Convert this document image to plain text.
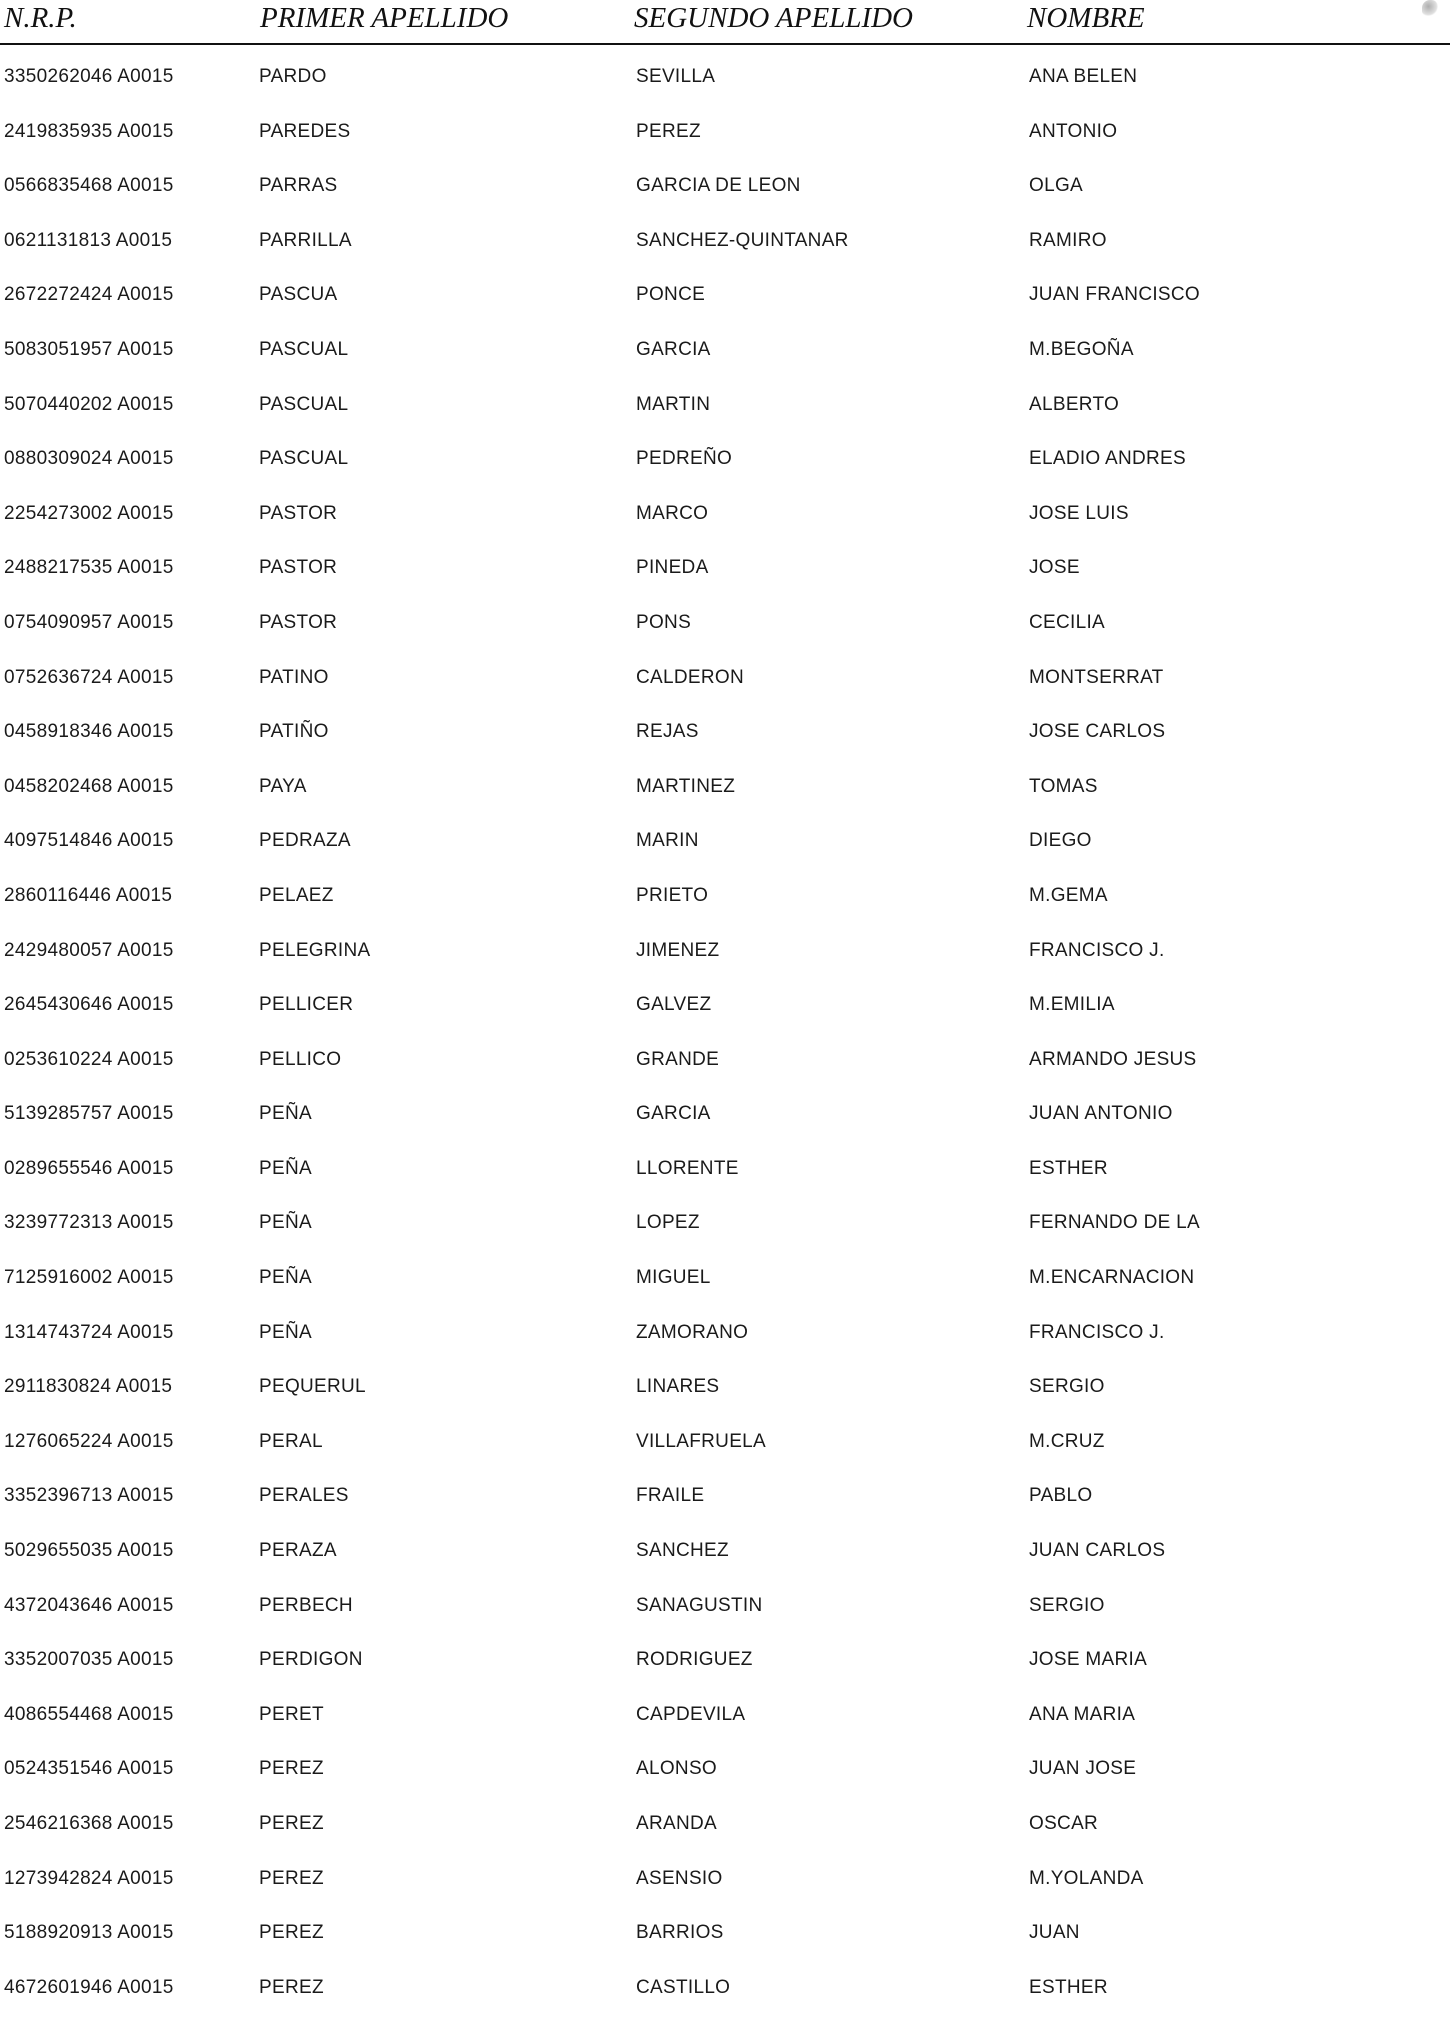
N.R.P.	PRIMER APELLIDO	SEGUNDO APELLIDO	NOMBRE
3350262046 A0015	PARDO	SEVILLA	ANA BELEN
2419835935 A0015	PAREDES	PEREZ	ANTONIO
0566835468 A0015	PARRAS	GARCIA DE LEON	OLGA
0621131813 A0015	PARRILLA	SANCHEZ-QUINTANAR	RAMIRO
2672272424 A0015	PASCUA	PONCE	JUAN FRANCISCO
5083051957 A0015	PASCUAL	GARCIA	M.BEGOÑA
5070440202 A0015	PASCUAL	MARTIN	ALBERTO
0880309024 A0015	PASCUAL	PEDREÑO	ELADIO ANDRES
2254273002 A0015	PASTOR	MARCO	JOSE LUIS
2488217535 A0015	PASTOR	PINEDA	JOSE
0754090957 A0015	PASTOR	PONS	CECILIA
0752636724 A0015	PATINO	CALDERON	MONTSERRAT
0458918346 A0015	PATIÑO	REJAS	JOSE CARLOS
0458202468 A0015	PAYA	MARTINEZ	TOMAS
4097514846 A0015	PEDRAZA	MARIN	DIEGO
2860116446 A0015	PELAEZ	PRIETO	M.GEMA
2429480057 A0015	PELEGRINA	JIMENEZ	FRANCISCO J.
2645430646 A0015	PELLICER	GALVEZ	M.EMILIA
0253610224 A0015	PELLICO	GRANDE	ARMANDO JESUS
5139285757 A0015	PEÑA	GARCIA	JUAN ANTONIO
0289655546 A0015	PEÑA	LLORENTE	ESTHER
3239772313 A0015	PEÑA	LOPEZ	FERNANDO DE LA
7125916002 A0015	PEÑA	MIGUEL	M.ENCARNACION
1314743724 A0015	PEÑA	ZAMORANO	FRANCISCO J.
2911830824 A0015	PEQUERUL	LINARES	SERGIO
1276065224 A0015	PERAL	VILLAFRUELA	M.CRUZ
3352396713 A0015	PERALES	FRAILE	PABLO
5029655035 A0015	PERAZA	SANCHEZ	JUAN CARLOS
4372043646 A0015	PERBECH	SANAGUSTIN	SERGIO
3352007035 A0015	PERDIGON	RODRIGUEZ	JOSE MARIA
4086554468 A0015	PERET	CAPDEVILA	ANA MARIA
0524351546 A0015	PEREZ	ALONSO	JUAN JOSE
2546216368 A0015	PEREZ	ARANDA	OSCAR
1273942824 A0015	PEREZ	ASENSIO	M.YOLANDA
5188920913 A0015	PEREZ	BARRIOS	JUAN
4672601946 A0015	PEREZ	CASTILLO	ESTHER
